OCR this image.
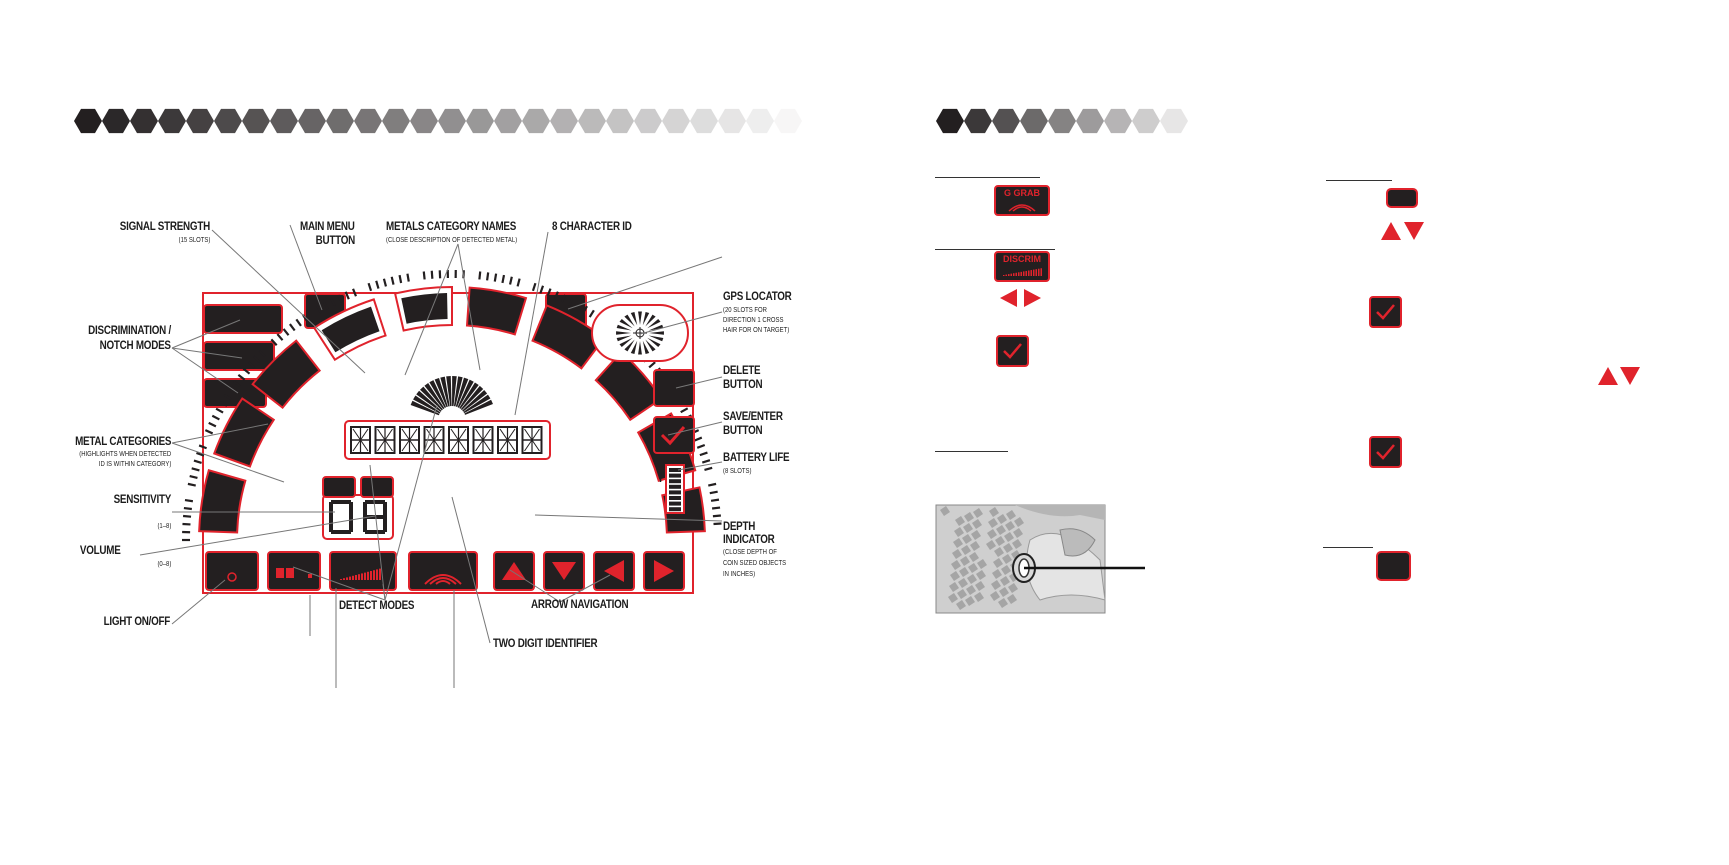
SIGNAL STRENGTH
(15 SLOTS)
MAIN MENU
BUTTON
METALS CATEGORY NAMES
(CLOSE DESCRIPTION OF DETECTED METAL)
8 CHARACTER ID
GPS LOCATOR
(20 SLOTS FOR
DIRECTION 1 CROSS
HAIR FOR ON TARGET)
DISCRIMINATION /
NOTCH MODES
DELETE
BUTTON
SAVE/ENTER
BUTTON
METAL CATEGORIES
(HIGHLIGHTS WHEN DETECTED
ID IS WITHIN CATEGORY)
BATTERY LIFE
(8 SLOTS)
SENSITIVITY
(1–8)
VOLUME
(0–8)
DEPTH
INDICATOR
(CLOSE DEPTH OF
COIN SIZED OBJECTS
IN INCHES)
LIGHT ON/OFF
DETECT MODES	ARROW NAVIGATION
TWO DIGIT IDENTIFIER
G GRAB
DISCRIM
